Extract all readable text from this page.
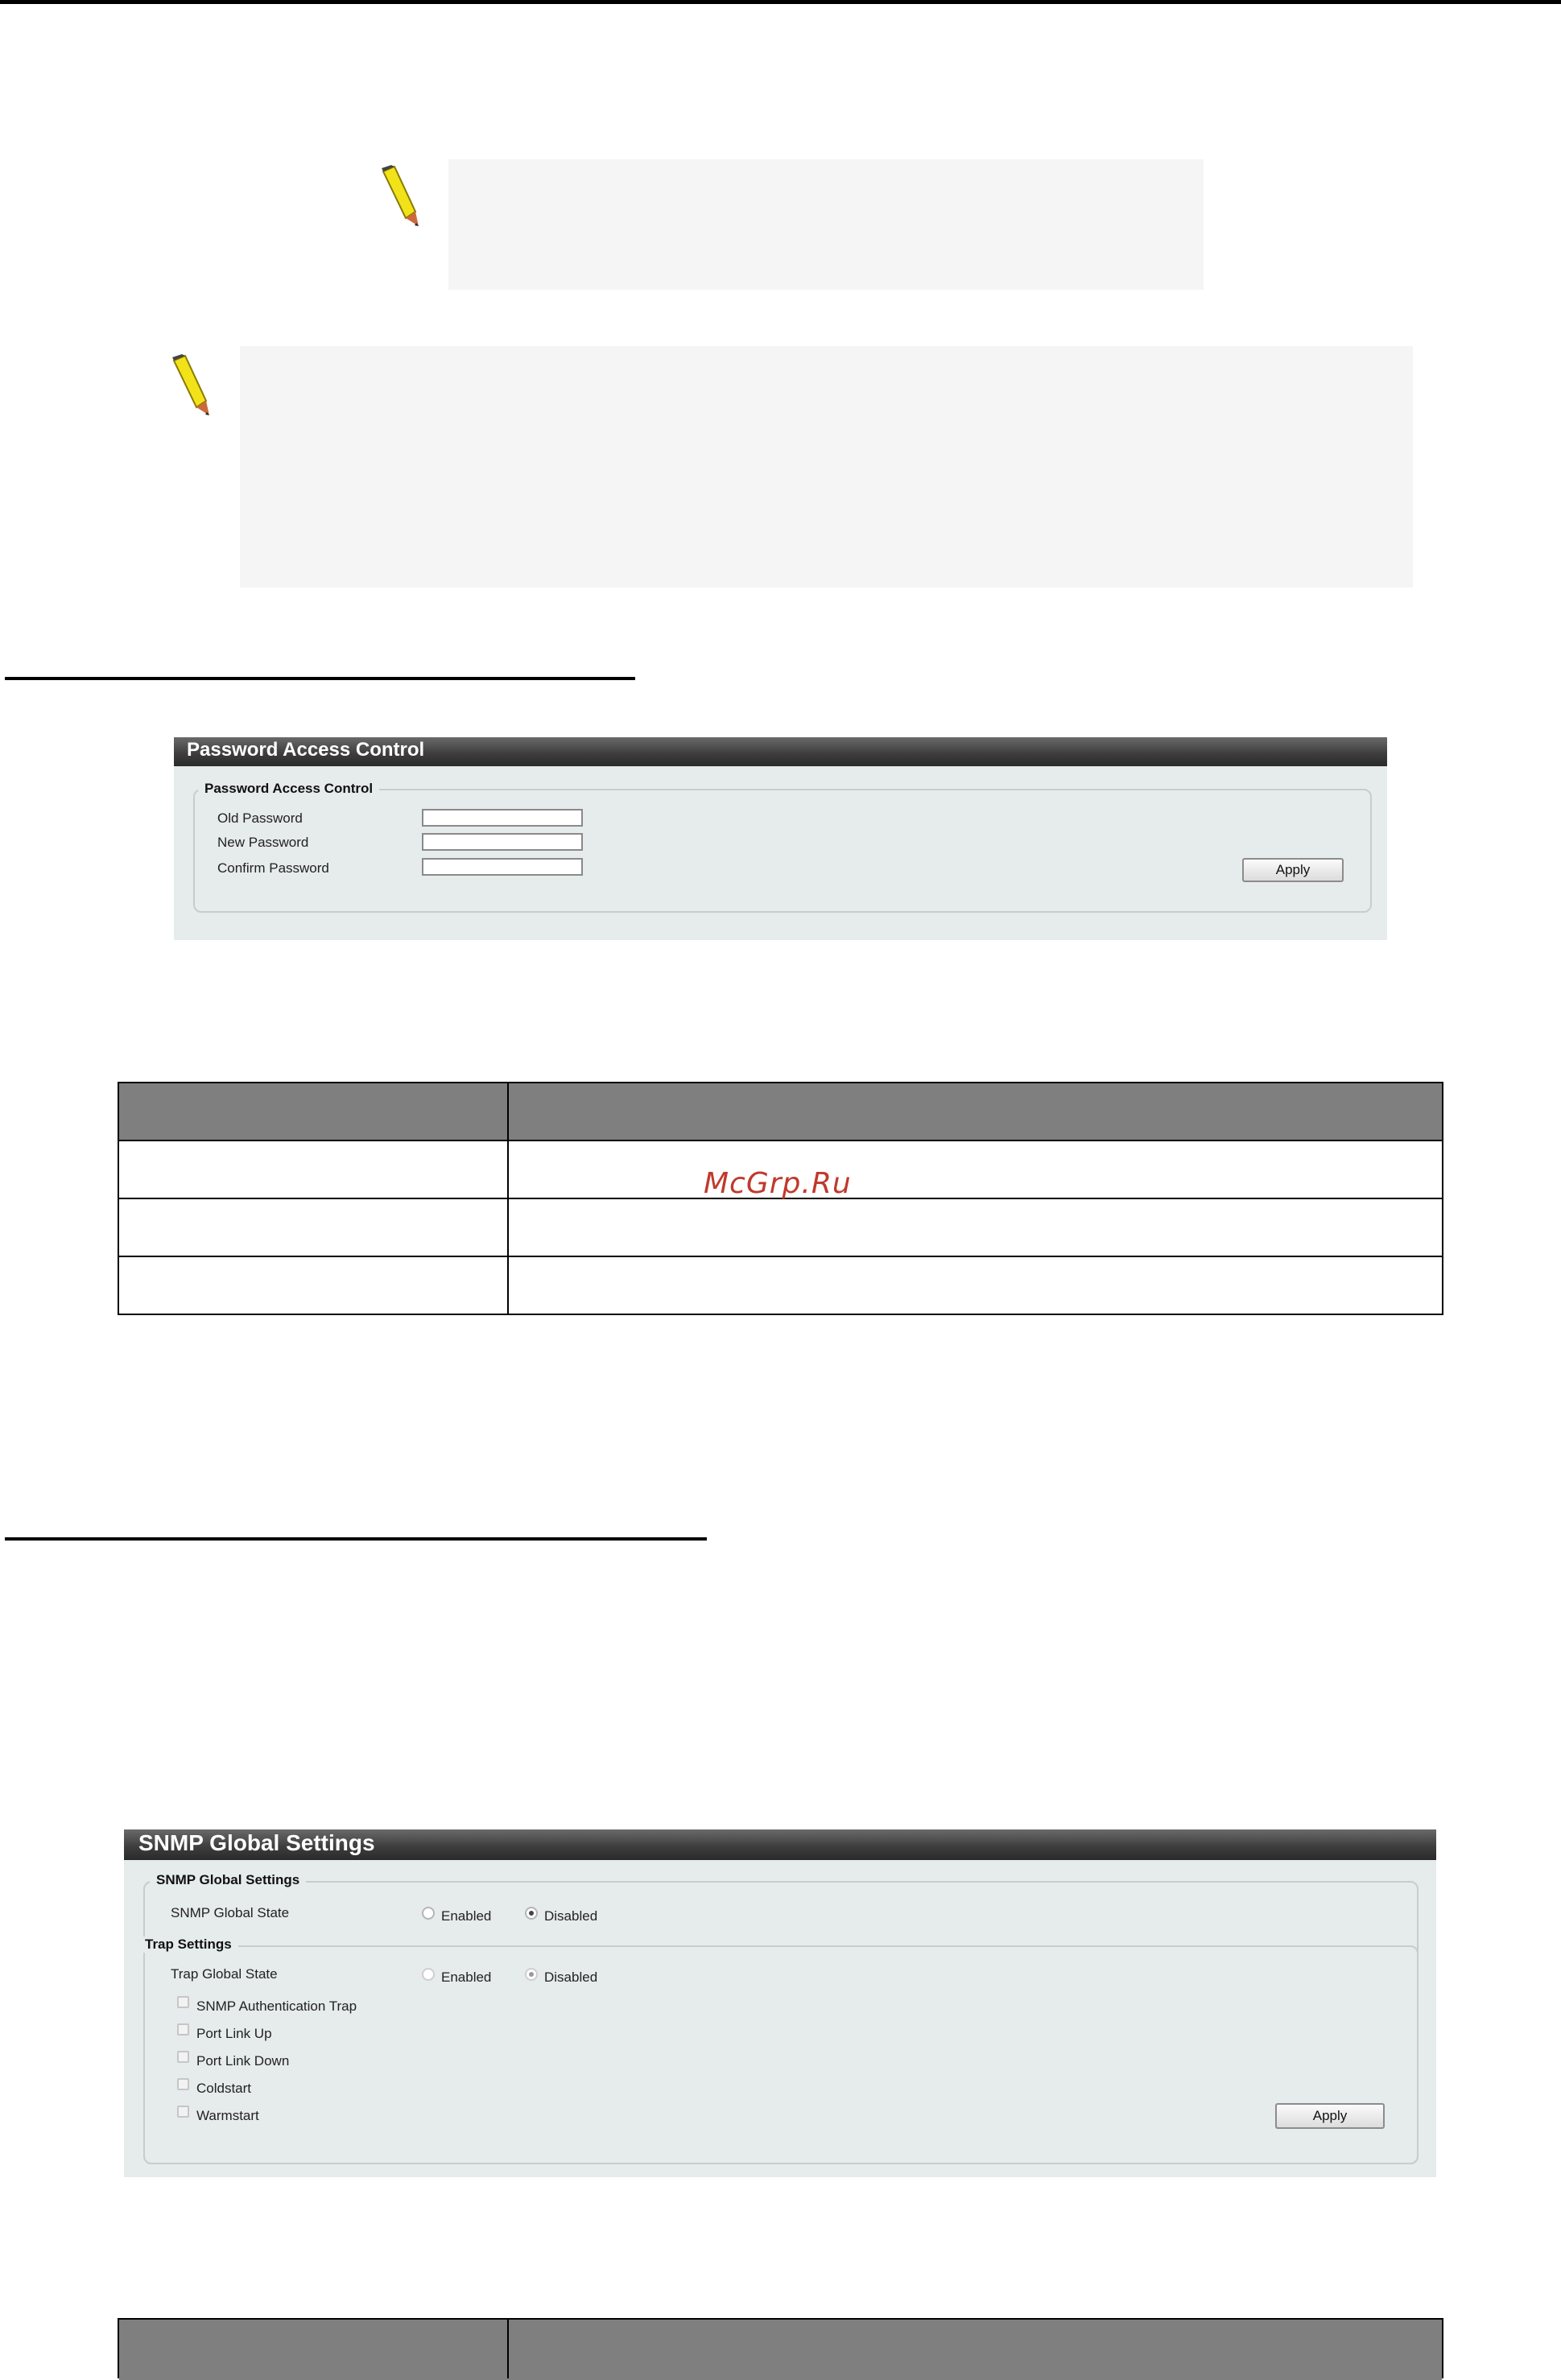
Password Access Control
Password Access Control
Old Password
New Password
Confirm Password	Apply
McGrp.Ru
SNMP Global Settings
SNMP Global Settings
Trap Settings
SNMP Global State	Enabled	Disabled
Trap Global State	Enabled	Disabled
SNMP Authentication Trap
Port Link Up
Port Link Down
Coldstart
Warmstart	Apply
